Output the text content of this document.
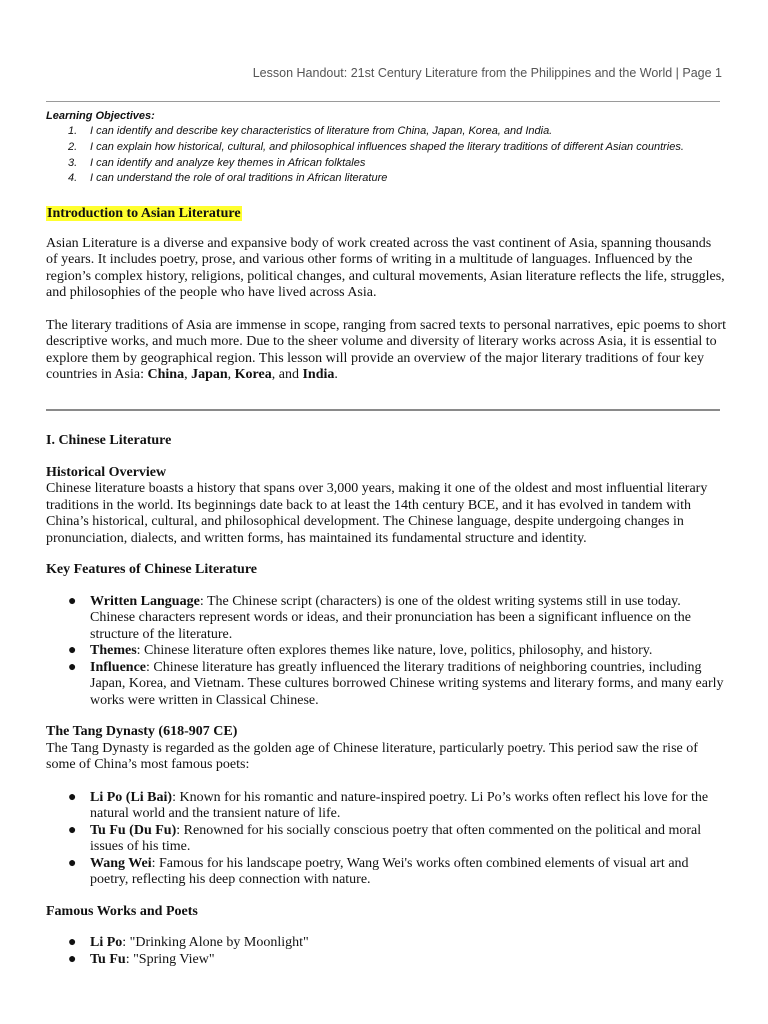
Lesson Handout: 21st Century Literature from the Philippines and the World | Page 1
Learning Objectives:
1. I can identify and describe key characteristics of literature from China, Japan, Korea, and India.
2. I can explain how historical, cultural, and philosophical influences shaped the literary traditions of different Asian countries.
3. I can identify and analyze key themes in African folktales
4. I can understand the role of oral traditions in African literature
Introduction to Asian Literature

Asian Literature is a diverse and expansive body of work created across the vast continent of Asia, spanning thousands of years. It includes poetry, prose, and various other forms of writing in a multitude of languages. Influenced by the region’s complex history, religions, political changes, and cultural movements, Asian literature reflects the life, struggles, and philosophies of the people who have lived across Asia.

The literary traditions of Asia are immense in scope, ranging from sacred texts to personal narratives, epic poems to short descriptive works, and much more. Due to the sheer volume and diversity of literary works across Asia, it is essential to explore them by geographical region. This lesson will provide an overview of the major literary traditions of four key countries in Asia: China, Japan, Korea, and India.

I. Chinese Literature
Historical Overview

Chinese literature boasts a history that spans over 3,000 years, making it one of the oldest and most influential literary traditions in the world. Its beginnings date back to at least the 14th century BCE, and it has evolved in tandem with China’s historical, cultural, and philosophical development. The Chinese language, despite undergoing changes in pronunciation, dialects, and written forms, has maintained its fundamental structure and identity.

Key Features of Chinese Literature
● Written Language: The Chinese script (characters) is one of the oldest writing systems still in use today. Chinese characters represent words or ideas, and their pronunciation has been a significant influence on the structure of the literature.
● Themes: Chinese literature often explores themes like nature, love, politics, philosophy, and history.
● Influence: Chinese literature has greatly influenced the literary traditions of neighboring countries, including Japan, Korea, and Vietnam. These cultures borrowed Chinese writing systems and literary forms, and many early works were written in Classical Chinese.
The Tang Dynasty (618-907 CE)

The Tang Dynasty is regarded as the golden age of Chinese literature, particularly poetry. This period saw the rise of some of China’s most famous poets:

● Li Po (Li Bai): Known for his romantic and nature-inspired poetry. Li Po’s works often reflect his love for the natural world and the transient nature of life.
● Tu Fu (Du Fu): Renowned for his socially conscious poetry that often commented on the political and moral issues of his time.
● Wang Wei: Famous for his landscape poetry, Wang Wei's works often combined elements of visual art and poetry, reflecting his deep connection with nature.
Famous Works and Poets
● Li Po: "Drinking Alone by Moonlight"
● Tu Fu: "Spring View"
